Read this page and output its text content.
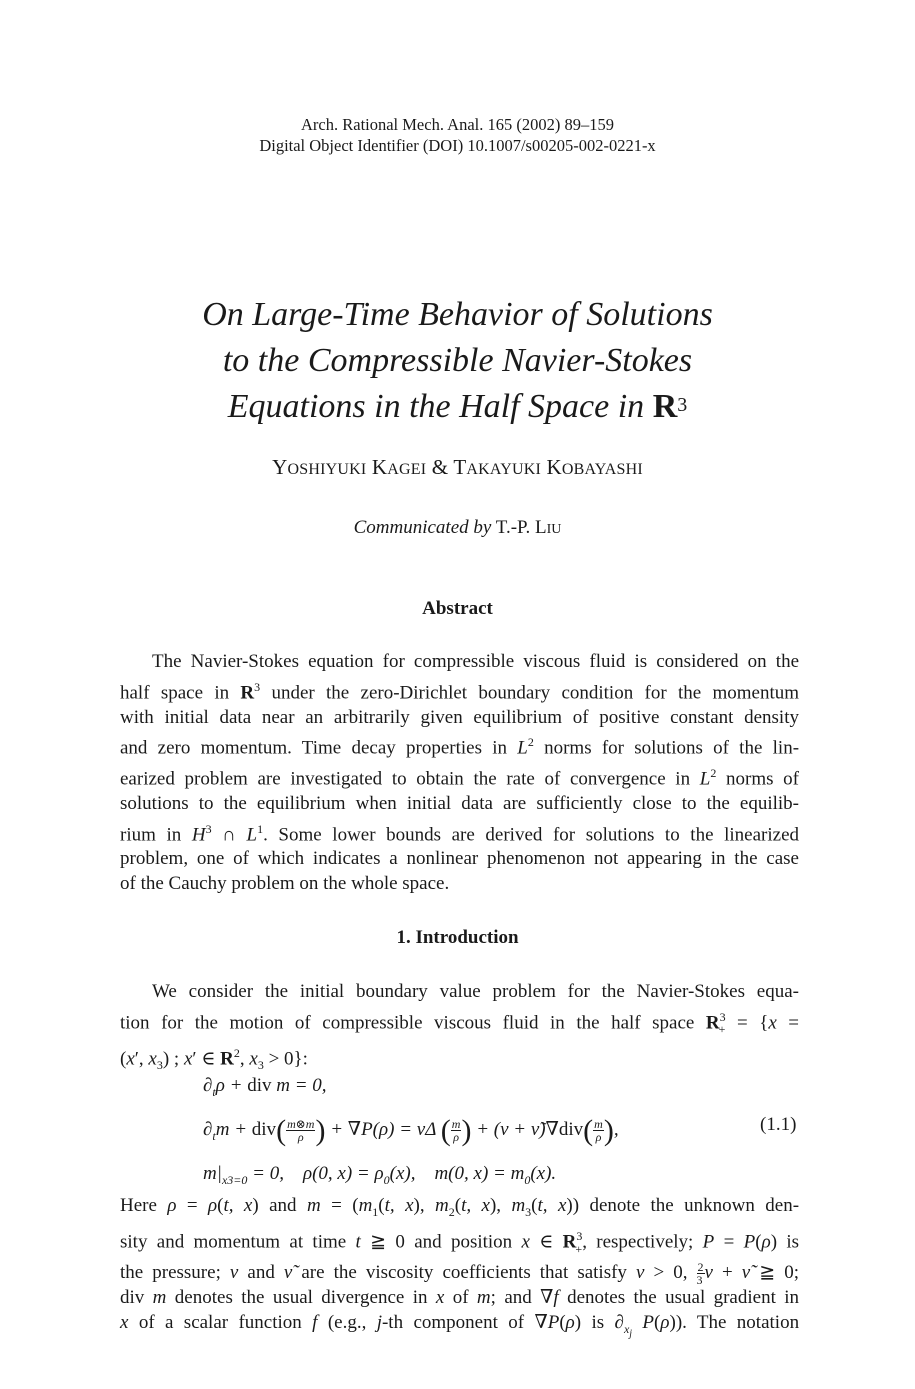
Arch. Rational Mech. Anal. 165 (2002) 89–159
Digital Object Identifier (DOI) 10.1007/s00205-002-0221-x
On Large-Time Behavior of Solutions
to the Compressible Navier-Stokes
Equations in the Half Space in $R^3$
YOSHIYUKI KAGEI & TAKAYUKI KOBAYASHI
Communicated by T.-P. LIU
Abstract
The Navier-Stokes equation for compressible viscous fluid is considered on the
half space in $R^3$ under the zero-Dirichlet boundary condition for the momentum
with initial data near an arbitrarily given equilibrium of positive constant density
and zero momentum. Time decay properties in $L^2$ norms for solutions of the lin-
earized problem are investigated to obtain the rate of convergence in $L^2$ norms of
solutions to the equilibrium when initial data are sufficiently close to the equilib-
rium in $H^3$ ∩ $L^1$. Some lower bounds are derived for solutions to the linearized
problem, one of which indicates a nonlinear phenomenon not appearing in the case
of the Cauchy problem on the whole space.
1. Introduction
We consider the initial boundary value problem for the Navier-Stokes equa-
tion for the motion of compressible viscous fluid in the half space $R^3_+ = \{x$ =
(x′, $x_3$) ; x′ ∈ $R^2$, $x_3 > 0$}:
$\partial_t\rho$ + div m = 0,
$\partial_tm + div( \frac{m\otimes m}{\rho}$ ) + ∇P(ρ) = νΔ ( $\frac{m}{\rho}$ ) + (ν + ν̃)∇div( $\frac{m}{\rho}$ ),
$m|_{x3=0} = 0$,    ρ(0, $x) = \rho_0(x)$,    m(0, $x) = m_0(x)$.
(1.1)
Here ρ = ρ(t, x) and $m = (m_1(t$, x), $m_2(t$, x), $m_3(t$, x)) denote the unknown den-
sity and momentum at time t ≧ 0 and position x ∈ $R^3_+$, respectively; P = P(ρ) is
the pressure; ν and ν̃ are the viscosity coefficients that satisfy ν > 0, $\frac{2}{3}$ ν + ν̃ ≧ 0;
div m denotes the usual divergence in x of m; and ∇f denotes the usual gradient in
x of a scalar function f (e.g., j-th component of ∇P(ρ) is $\partial_{x_j}$ P(ρ)). The notation
